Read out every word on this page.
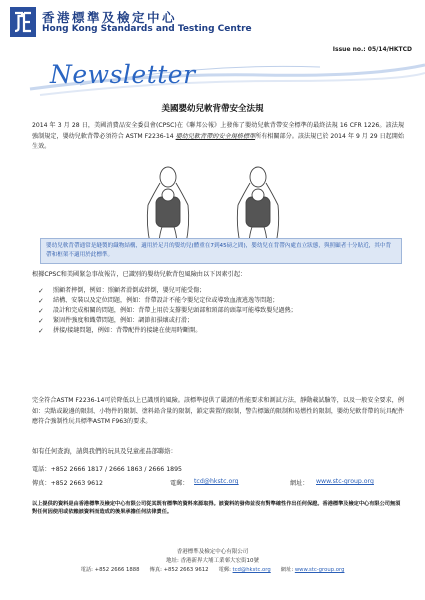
香港標準及檢定中心
Hong Kong Standards and Testing Centre
Issue no.: 05/14/HKTCD
Newsletter
美國嬰幼兒軟背帶安全法規
2014 年 3 月 28 日，美國消費品安全委員會(CPSC)在《聯邦公報》上發佈了嬰幼兒軟背帶安全標準的最終法規 16 CFR 1226。該法規強制規定，嬰幼兒軟背帶必須符合 ASTM F2236-14 嬰幼兒軟背帶的安全規格標準所有相關部分。該法規已於 2014 年 9 月 29 日起開始生效。
嬰幼兒軟背帶通常是縫製的織物結構，適用於足月的嬰幼兒(體重在7到45磅之間)，嬰幼兒在背帶內處直立狀態，與照顧者十分貼近，其中背帶和框架不適用於此標準。
根據CPSC和美國緊急事故報告，已識別的嬰幼兒軟背包風險由以下因素引起：
✓	照顧者摔倒，例如：照顧者滑倒或絆倒，嬰兒可能受傷；
✓	結構、安裝以及定位問題，例如：背帶設計不能令嬰兒定位或導致血液逃逸等問題；
✓	設計和完成相關的問題，例如：背帶上用於支撐嬰兒頭部和頸部的頭靠可能導致嬰兒過熱；
✓	緊固件強度和織帶問題，例如：調節扣損壞或打滑；
✓	拼接/接縫問題，例如：背帶配件的接縫在使用時斷開。
完全符合ASTM F2236-14可於降低以上已識別的風險。該標準提供了嚴謹的性能要求和測試方法，靜動載試驗等，以及一般安全要求，例如：尖點或銳邊的限制、小物件的限制、塗料鉛含量的限制，鎖定裝置的限制，警告標籤的限制和易燃性的限制，嬰幼兒軟背帶的玩具配件應符合強制性玩具標準ASTM F963的要求。
如有任何查詢，請與我們的玩具及兒童產品部聯絡：
電話：+852 2666 1817 / 2666 1863 / 2666 1895
傳真：+852 2663 9612	電郵： tcd@hkstc.org	網址： www.stc-group.org
以上提供的資料是由香港標準及檢定中心有限公司從其既有標準的資料來源取得。該資料的發佈並沒有對準確性作出任何保證。香港標準及檢定中心有限公司無須對任何因使用或依賴該資料而造成的後果承擔任何法律責任。
香港標準及檢定中心有限公司
地址: 香港新界大埔工業邨大宏街10號
電話: +852 2666 1888 傳真: +852 2663 9612 電郵: tcd@hkstc.org 網址: www.stc-group.org
